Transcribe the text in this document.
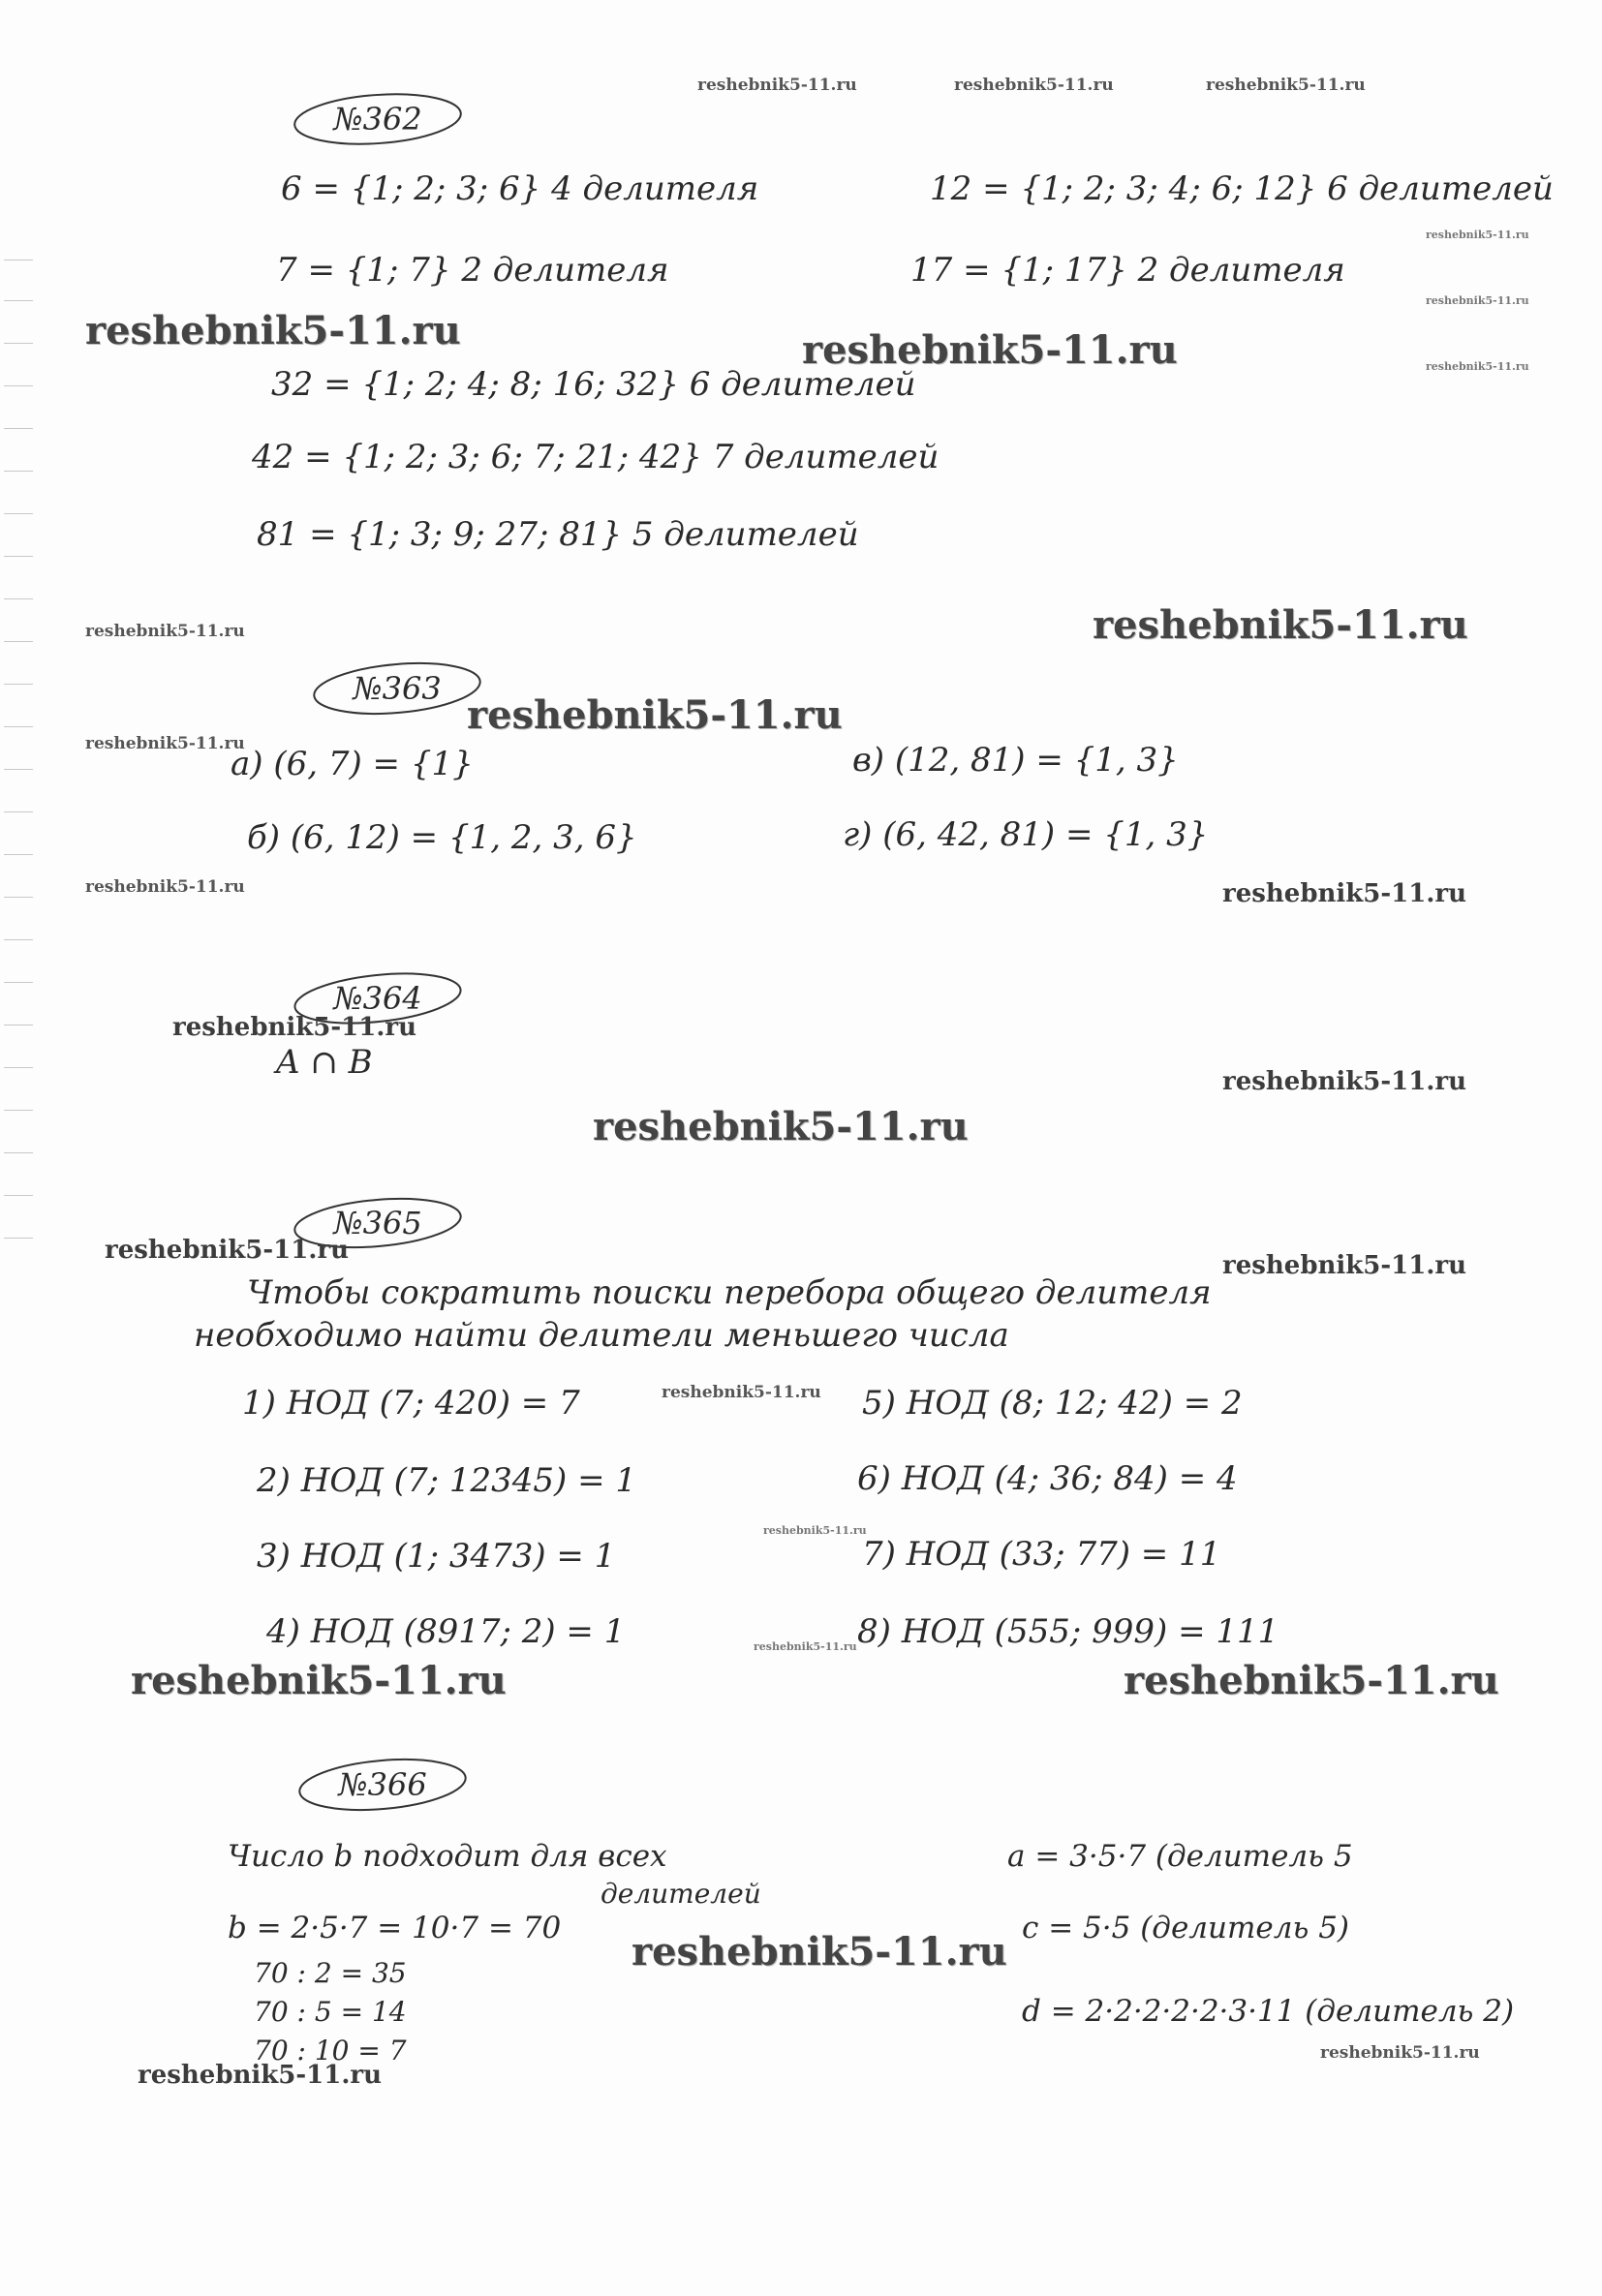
№362
6 = {1; 2; 3; 6} 4 делителя	12 = {1; 2; 3; 4; 6; 12} 6 делителей
7 = {1; 7} 2 делителя	17 = {1; 17} 2 делителя
32 = {1; 2; 4; 8; 16; 32} 6 делителей
42 = {1; 2; 3; 6; 7; 21; 42} 7 делителей
81 = {1; 3; 9; 27; 81} 5 делителей
№363
а) (6, 7) = {1}	в) (12, 81) = {1, 3}
б) (6, 12) = {1, 2, 3, 6}	г) (6, 42, 81) = {1, 3}
№364
A ∩ B
№365
Чтобы сократить поиски перебора общего делителя
необходимо найти делители меньшего числа
1) НОД (7; 420) = 7	5) НОД (8; 12; 42) = 2
2) НОД (7; 12345) = 1	6) НОД (4; 36; 84) = 4
3) НОД (1; 3473) = 1	7) НОД (33; 77) = 11
4) НОД (8917; 2) = 1	8) НОД (555; 999) = 111
№366
Число b подходит для всех
делителей
b = 2·5·7 = 10·7 = 70
70 : 2 = 35
70 : 5 = 14
70 : 10 = 7
a = 3·5·7 (делитель 5
c = 5·5 (делитель 5)
d = 2·2·2·2·2·3·11 (делитель 2)
reshebnik5-11.ru	reshebnik5-11.ru	reshebnik5-11.ru
reshebnik5-11.ru
reshebnik5-11.ru
reshebnik5-11.ru
reshebnik5-11.ru	reshebnik5-11.ru
reshebnik5-11.ru	reshebnik5-11.ru
reshebnik5-11.ru
reshebnik5-11.ru
reshebnik5-11.ru	reshebnik5-11.ru
reshebnik5-11.ru
reshebnik5-11.ru
reshebnik5-11.ru
reshebnik5-11.ru
reshebnik5-11.ru
reshebnik5-11.ru
reshebnik5-11.ru
reshebnik5-11.ru
reshebnik5-11.ru	reshebnik5-11.ru
reshebnik5-11.ru
reshebnik5-11.ru
reshebnik5-11.ru
